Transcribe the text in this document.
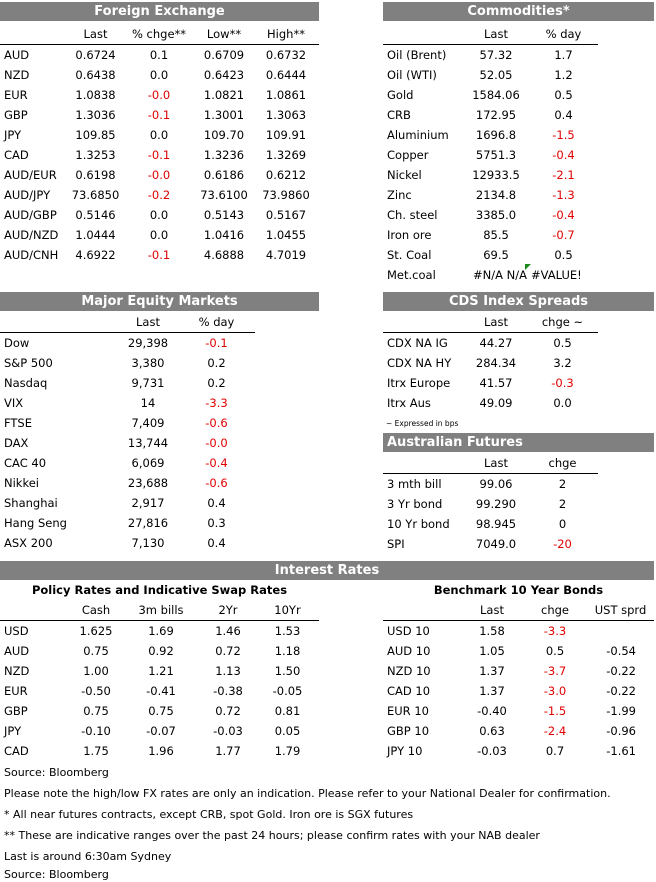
Foreign Exchange
	Last	% chge**	Low**	High**
AUD	0.6724	0.1	0.6709	0.6732
NZD	0.6438	0.0	0.6423	0.6444
EUR	1.0838	-0.0	1.0821	1.0861
GBP	1.3036	-0.1	1.3001	1.3063
JPY	109.85	0.0	109.70	109.91
CAD	1.3253	-0.1	1.3236	1.3269
AUD/EUR	0.6198	-0.0	0.6186	0.6212
AUD/JPY	73.6850	-0.2	73.6100	73.9860
AUD/GBP	0.5146	0.0	0.5143	0.5167
AUD/NZD	1.0444	0.0	1.0416	1.0455
AUD/CNH	4.6922	-0.1	4.6888	4.7019
Commodities*
	Last	% day
Oil (Brent)	57.32	1.7
Oil (WTI)	52.05	1.2
Gold	1584.06	0.5
CRB	172.95	0.4
Aluminium	1696.8	-1.5
Copper	5751.3	-0.4
Nickel	12933.5	-2.1
Zinc	2134.8	-1.3
Ch. steel	3385.0	-0.4
Iron ore	85.5	-0.7
St. Coal	69.5	0.5
Met.coal	#N/A N/A	#VALUE!
Major Equity Markets
	Last	% day
Dow	29,398	-0.1
S&P 500	3,380	0.2
Nasdaq	9,731	0.2
VIX	14	-3.3
FTSE	7,409	-0.6
DAX	13,744	-0.0
CAC 40	6,069	-0.4
Nikkei	23,688	-0.6
Shanghai	2,917	0.4
Hang Seng	27,816	0.3
ASX 200	7,130	0.4
CDS Index Spreads
	Last	chge ~
CDX NA IG	44.27	0.5
CDX NA HY	284.34	3.2
Itrx Europe	41.57	-0.3
Itrx Aus	49.09	0.0
~ Expressed in bps
Australian Futures
	Last	chge
3 mth bill	99.06	2
3 Yr bond	99.290	2
10 Yr bond	98.945	0
SPI	7049.0	-20
Interest Rates
Policy Rates and Indicative Swap Rates
	Cash	3m bills	2Yr	10Yr
USD	1.625	1.69	1.46	1.53
AUD	0.75	0.92	0.72	1.18
NZD	1.00	1.21	1.13	1.50
EUR	-0.50	-0.41	-0.38	-0.05
GBP	0.75	0.75	0.72	0.81
JPY	-0.10	-0.07	-0.03	0.05
CAD	1.75	1.96	1.77	1.79
Benchmark 10 Year Bonds
	Last	chge	UST sprd
USD 10	1.58	-3.3	
AUD 10	1.05	0.5	-0.54
NZD 10	1.37	-3.7	-0.22
CAD 10	1.37	-3.0	-0.22
EUR 10	-0.40	-1.5	-1.99
GBP 10	0.63	-2.4	-0.96
JPY 10	-0.03	0.7	-1.61
Source: Bloomberg
Please note the high/low FX rates are only an indication. Please refer to your National Dealer for confirmation.
* All near futures contracts, except CRB, spot Gold. Iron ore is SGX futures
** These are indicative ranges over the past 24 hours; please confirm rates with your NAB dealer
Last is around 6:30am Sydney
Source: Bloomberg
